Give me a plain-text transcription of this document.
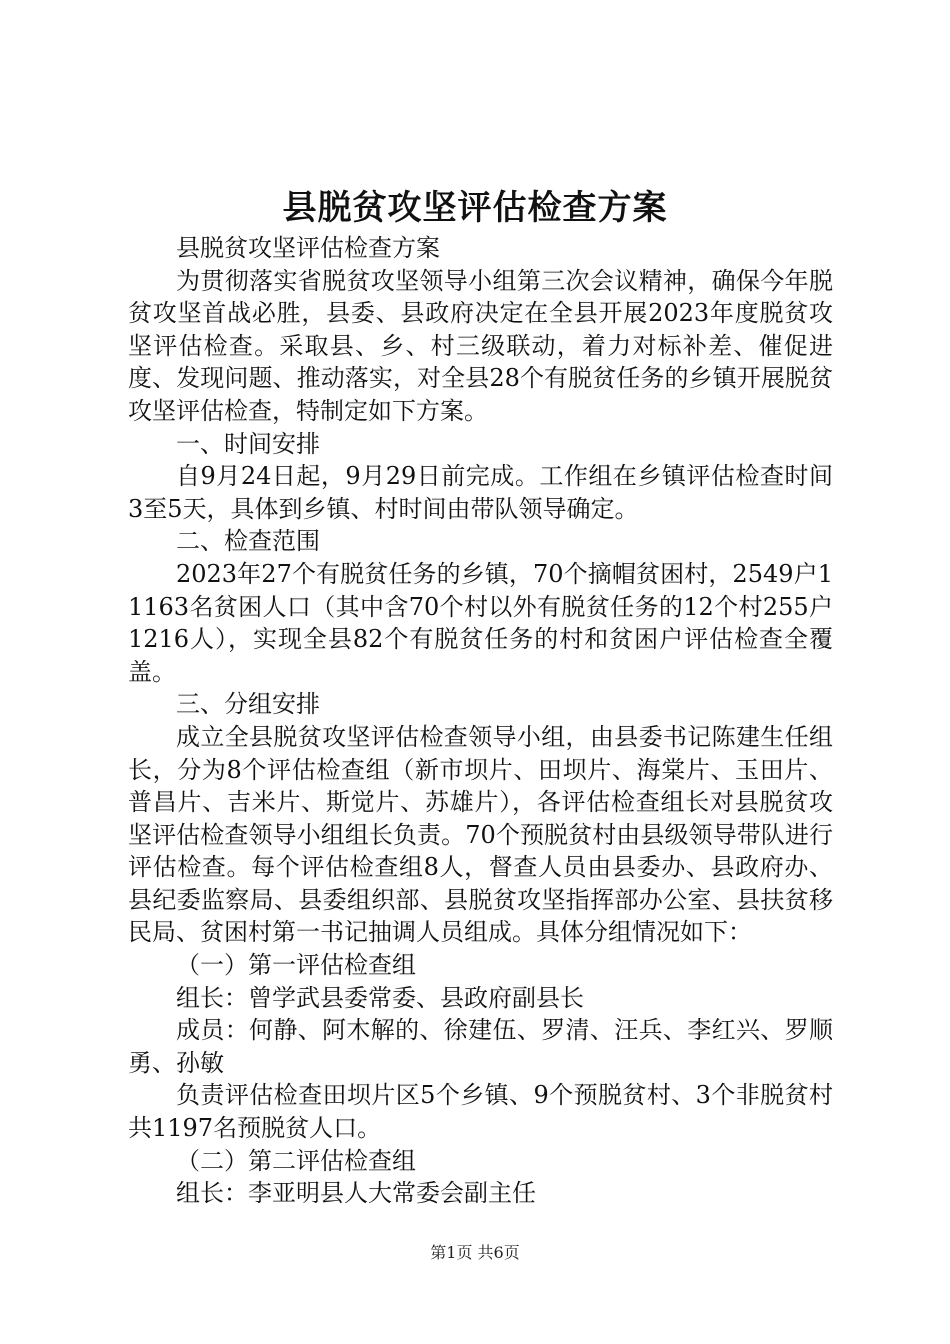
县脱贫攻坚评估检查方案

县脱贫攻坚评估检查方案

为贯彻落实省脱贫攻坚领导小组第三次会议精神，确保今年脱贫攻坚首战必胜，县委、县政府决定在全县开展2023年度脱贫攻坚评估检查。采取县、乡、村三级联动，着力对标补差、催促进度、发现问题、推动落实，对全县28个有脱贫任务的乡镇开展脱贫攻坚评估检查，特制定如下方案。

一、时间安排

自9月24日起，9月29日前完成。工作组在乡镇评估检查时间3至5天，具体到乡镇、村时间由带队领导确定。

二、检查范围

2023年27个有脱贫任务的乡镇，70个摘帽贫困村，2549户11163名贫困人口（其中含70个村以外有脱贫任务的12个村255户1216人），实现全县82个有脱贫任务的村和贫困户评估检查全覆盖。

三、分组安排

成立全县脱贫攻坚评估检查领导小组，由县委书记陈建生任组长，分为8个评估检查组（新市坝片、田坝片、海棠片、玉田片、普昌片、吉米片、斯觉片、苏雄片），各评估检查组长对县脱贫攻坚评估检查领导小组组长负责。70个预脱贫村由县级领导带队进行评估检查。每个评估检查组8人，督查人员由县委办、县政府办、县纪委监察局、县委组织部、县脱贫攻坚指挥部办公室、县扶贫移民局、贫困村第一书记抽调人员组成。具体分组情况如下：

（一）第一评估检查组

组长：曾学武县委常委、县政府副县长

成员：何静、阿木解的、徐建伍、罗清、汪兵、李红兴、罗顺勇、孙敏

负责评估检查田坝片区5个乡镇、9个预脱贫村、3个非脱贫村共1197名预脱贫人口。

（二）第二评估检查组

组长：李亚明县人大常委会副主任

第1页 共6页
